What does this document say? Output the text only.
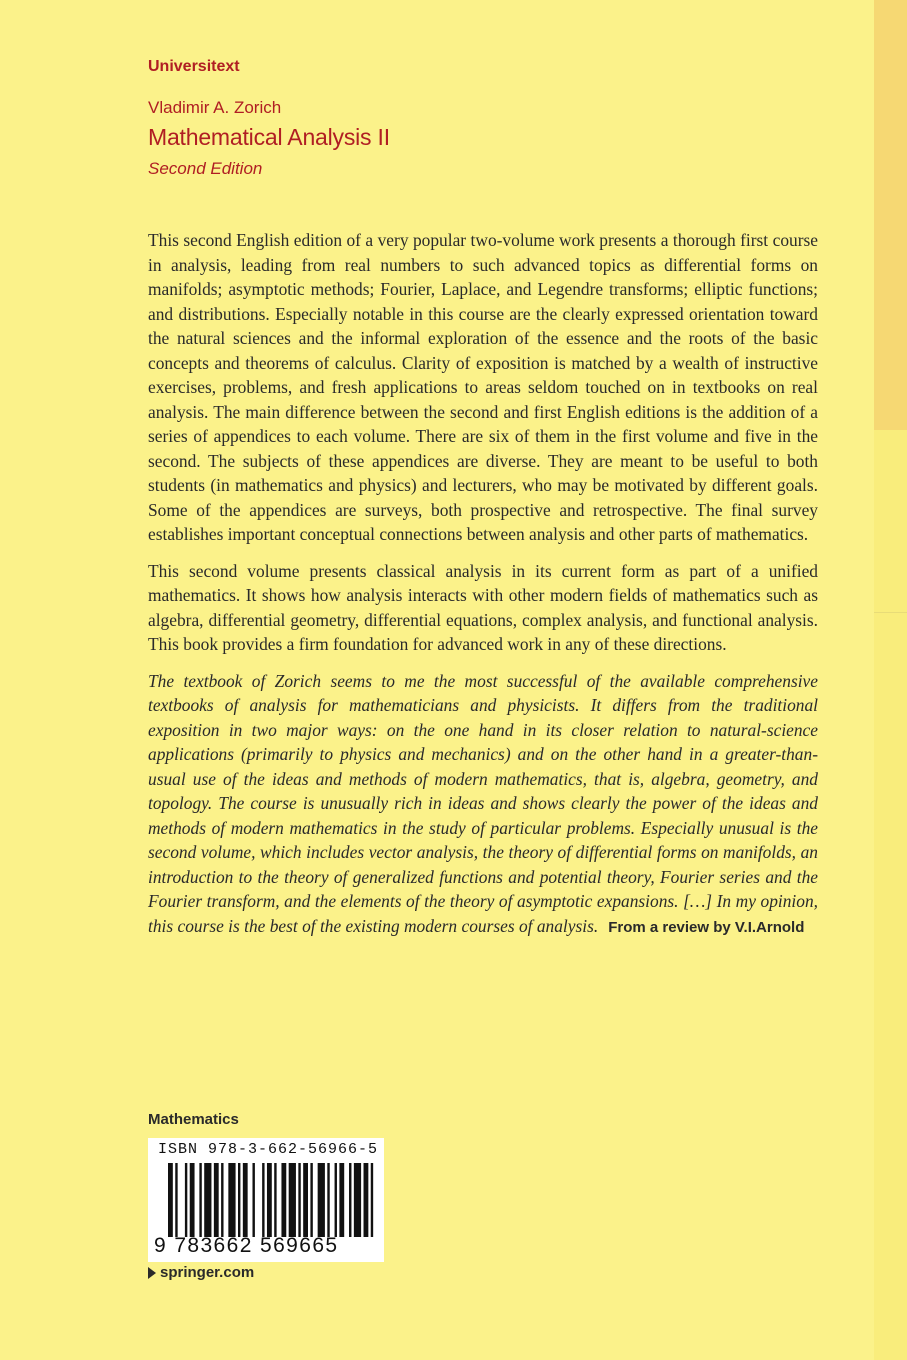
Universitext
Vladimir A. Zorich
Mathematical Analysis II
Second Edition

This second English edition of a very popular two-volume work presents a thorough first course in analysis, leading from real numbers to such advanced topics as differential forms on manifolds; asymptotic methods; Fourier, Laplace, and Legendre transforms; elliptic functions; and distributions. Especially notable in this course are the clearly expressed orientation toward the natural sciences and the informal exploration of the essence and the roots of the basic concepts and theorems of calculus. Clarity of exposition is matched by a wealth of instructive exercises, problems, and fresh applications to areas seldom touched on in textbooks on real analysis. The main difference between the second and first English editions is the addition of a series of appendices to each volume. There are six of them in the first volume and five in the second. The subjects of these appendices are diverse. They are meant to be useful to both students (in mathematics and physics) and lecturers, who may be motivated by different goals. Some of the appendices are surveys, both prospective and retrospective. The final survey establishes important conceptual connections between analysis and other parts of mathematics.

This second volume presents classical analysis in its current form as part of a unified mathematics. It shows how analysis interacts with other modern fields of mathematics such as algebra, differential geometry, differential equations, complex analysis, and functional analysis. This book provides a firm foundation for advanced work in any of these directions.

The textbook of Zorich seems to me the most successful of the available comprehensive textbooks of analysis for mathematicians and physicists. It differs from the traditional exposition in two major ways: on the one hand in its closer relation to natural-science applications (primarily to physics and mechanics) and on the other hand in a greater-than-usual use of the ideas and methods of modern mathematics, that is, algebra, geometry, and topology. The course is unusually rich in ideas and shows clearly the power of the ideas and methods of modern mathematics in the study of particular problems. Especially unusual is the second volume, which includes vector analysis, the theory of differential forms on manifolds, an introduction to the theory of generalized functions and potential theory, Fourier series and the Fourier transform, and the elements of the theory of asymptotic expansions. […] In my opinion, this course is the best of the existing modern courses of analysis. From a review by V.I.Arnold

Mathematics
ISBN 978-3-662-56966-5
9 783662 569665
springer.com
